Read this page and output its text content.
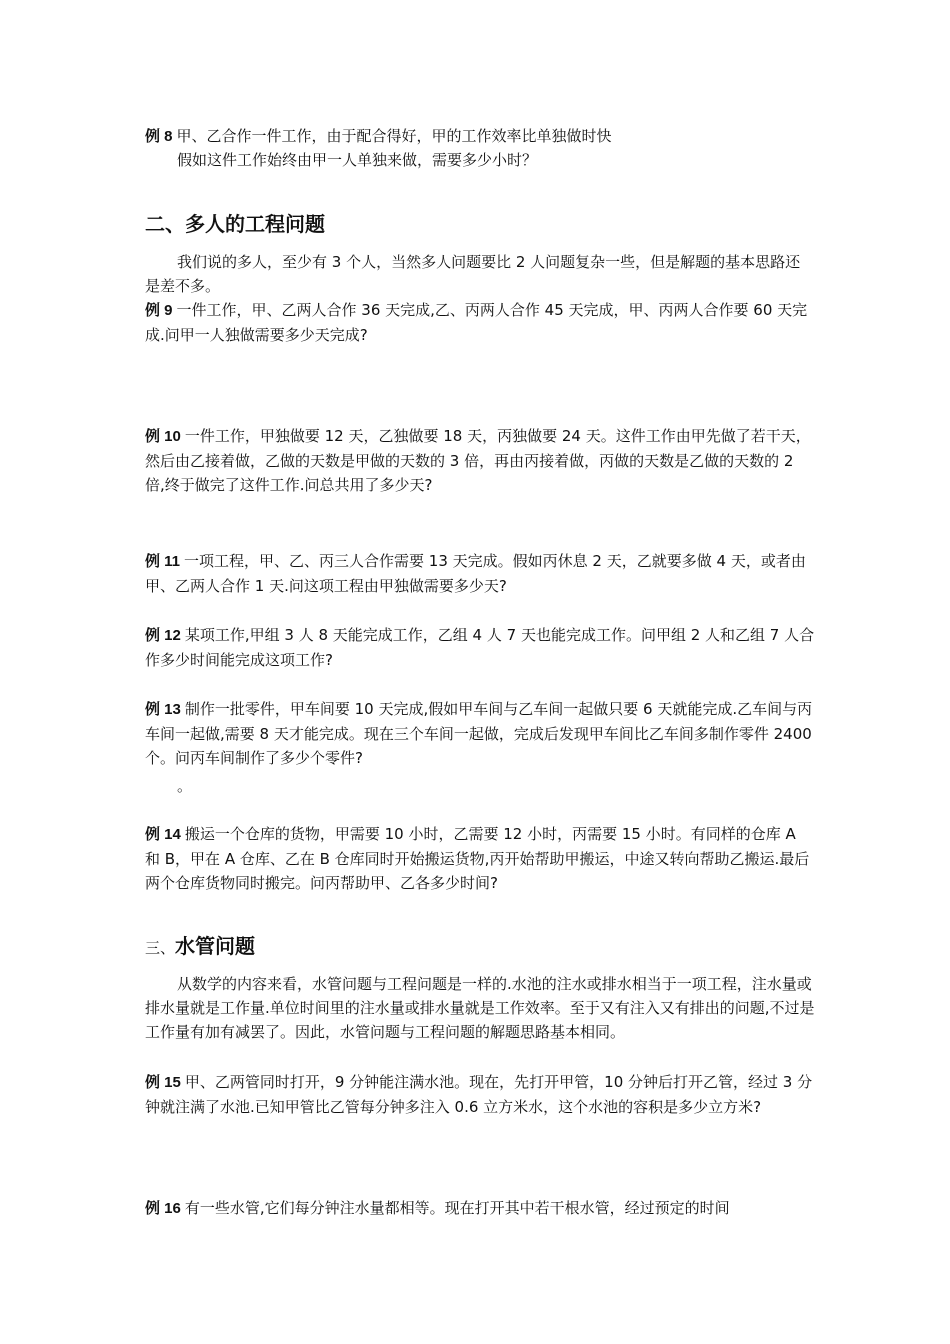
例 8 甲、乙合作一件工作，由于配合得好，甲的工作效率比单独做时快

假如这件工作始终由甲一人单独来做，需要多少小时？

二、多人的工程问题

我们说的多人，至少有 3 个人，当然多人问题要比 2 人问题复杂一些，但是解题的基本思路还是差不多。

例 9 一件工作，甲、乙两人合作 36 天完成,乙、丙两人合作 45 天完成，甲、丙两人合作要 60 天完成.问甲一人独做需要多少天完成?

例 10 一件工作，甲独做要 12 天，乙独做要 18 天，丙独做要 24 天。这件工作由甲先做了若干天，然后由乙接着做，乙做的天数是甲做的天数的 3 倍，再由丙接着做，丙做的天数是乙做的天数的 2 倍,终于做完了这件工作.问总共用了多少天?

例 11 一项工程，甲、乙、丙三人合作需要 13 天完成。假如丙休息 2 天，乙就要多做 4 天，或者由甲、乙两人合作 1 天.问这项工程由甲独做需要多少天?

例 12 某项工作,甲组 3 人 8 天能完成工作，乙组 4 人 7 天也能完成工作。问甲组 2 人和乙组 7 人合作多少时间能完成这项工作?

例 13 制作一批零件，甲车间要 10 天完成,假如甲车间与乙车间一起做只要 6 天就能完成.乙车间与丙车间一起做,需要 8 天才能完成。现在三个车间一起做，完成后发现甲车间比乙车间多制作零件 2400 个。问丙车间制作了多少个零件?

。

例 14 搬运一个仓库的货物，甲需要 10 小时，乙需要 12 小时，丙需要 15 小时。有同样的仓库 A 和 B，甲在 A 仓库、乙在 B 仓库同时开始搬运货物,丙开始帮助甲搬运，中途又转向帮助乙搬运.最后两个仓库货物同时搬完。问丙帮助甲、乙各多少时间?

三、水管问题

从数学的内容来看，水管问题与工程问题是一样的.水池的注水或排水相当于一项工程，注水量或排水量就是工作量.单位时间里的注水量或排水量就是工作效率。至于又有注入又有排出的问题,不过是工作量有加有减罢了。因此，水管问题与工程问题的解题思路基本相同。

例 15 甲、乙两管同时打开，9 分钟能注满水池。现在，先打开甲管，10 分钟后打开乙管，经过 3 分钟就注满了水池.已知甲管比乙管每分钟多注入 0.6 立方米水，这个水池的容积是多少立方米?

例 16 有一些水管,它们每分钟注水量都相等。现在打开其中若干根水管，经过预定的时间
